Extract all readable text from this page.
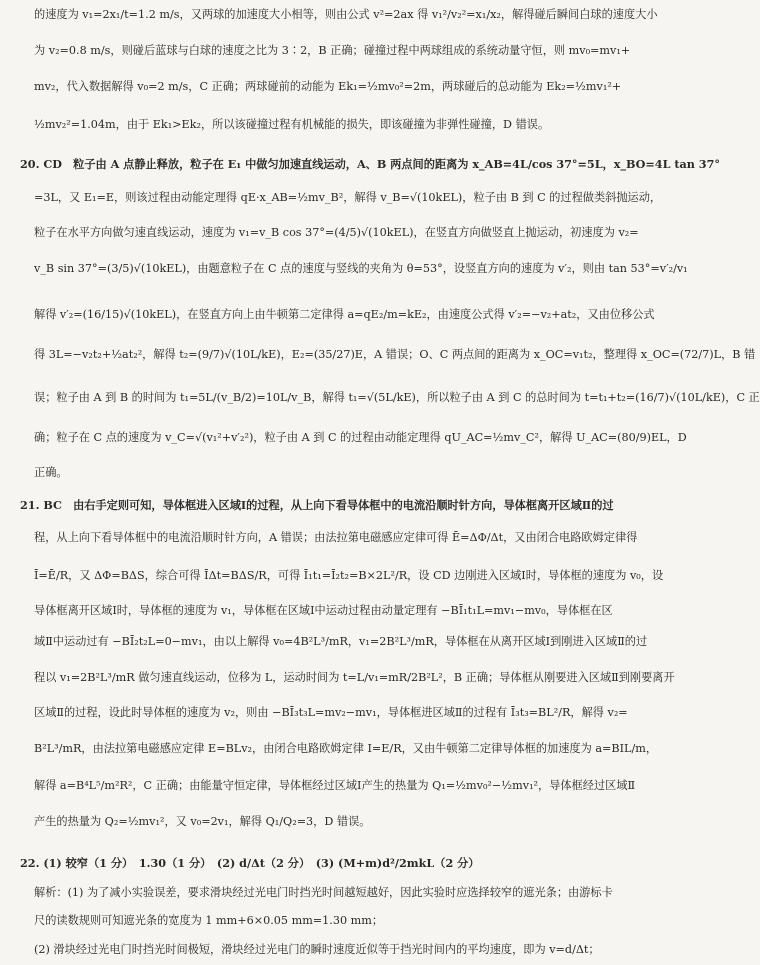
的速度为 v₁=2x₁/t=1.2 m/s，又两球的加速度大小相等，则由公式 v²=2ax 得 v₁²/v₂²=x₁/x₂，解得碰后瞬间白球的速度大小
为 v₂=0.8 m/s，则碰后蓝球与白球的速度之比为 3∶2，B 正确；碰撞过程中两球组成的系统动量守恒，则 mv₀=mv₁+
mv₂，代入数据解得 v₀=2 m/s，C 正确；两球碰前的动能为 Ek₁=½mv₀²=2m，两球碰后的总动能为 Ek₂=½mv₁²+
½mv₂²=1.04m，由于 Ek₁>Ek₂，所以该碰撞过程有机械能的损失，即该碰撞为非弹性碰撞，D 错误。
20. CD　粒子由 A 点静止释放，粒子在 E₁ 中做匀加速直线运动，A、B 两点间的距离为 x_AB=4L/cos 37°=5L，x_BO=4L tan 37°
=3L，又 E₁=E，则该过程由动能定理得 qE·x_AB=½mv_B²，解得 v_B=√(10kEL)，粒子由 B 到 C 的过程做类斜抛运动，
粒子在水平方向做匀速直线运动，速度为 v₁=v_B cos 37°=(4/5)√(10kEL)，在竖直方向做竖直上抛运动，初速度为 v₂=
v_B sin 37°=(3/5)√(10kEL)，由题意粒子在 C 点的速度与竖线的夹角为 θ=53°，设竖直方向的速度为 v′₂，则由 tan 53°=v′₂/v₁
解得 v′₂=(16/15)√(10kEL)，在竖直方向上由牛顿第二定律得 a=qE₂/m=kE₂，由速度公式得 v′₂=−v₂+at₂，又由位移公式
得 3L=−v₂t₂+½at₂²，解得 t₂=(9/7)√(10L/kE)，E₂=(35/27)E，A 错误；O、C 两点间的距离为 x_OC=v₁t₂，整理得 x_OC=(72/7)L，B 错
误；粒子由 A 到 B 的时间为 t₁=5L/(v_B/2)=10L/v_B，解得 t₁=√(5L/kE)，所以粒子由 A 到 C 的总时间为 t=t₁+t₂=(16/7)√(10L/kE)，C 正
确；粒子在 C 点的速度为 v_C=√(v₁²+v′₂²)，粒子由 A 到 C 的过程由动能定理得 qU_AC=½mv_C²，解得 U_AC=(80/9)EL，D
正确。
21. BC　由右手定则可知，导体框进入区域Ⅰ的过程，从上向下看导体框中的电流沿顺时针方向，导体框离开区域Ⅱ的过
程，从上向下看导体框中的电流沿顺时针方向，A 错误；由法拉第电磁感应定律可得 Ē=ΔΦ/Δt，又由闭合电路欧姆定律得
Ī=Ē/R，又 ΔΦ=BΔS，综合可得 ĪΔt=BΔS/R，可得 Ī₁t₁=Ī₂t₂=B×2L²/R，设 CD 边刚进入区域Ⅰ时，导体框的速度为 v₀，设
导体框离开区域Ⅰ时，导体框的速度为 v₁，导体框在区域Ⅰ中运动过程由动量定理有 −BĪ₁t₁L=mv₁−mv₀，导体框在区
域Ⅱ中运动过有 −BĪ₂t₂L=0−mv₁，由以上解得 v₀=4B²L³/mR，v₁=2B²L³/mR，导体框在从离开区域Ⅰ到刚进入区域Ⅱ的过
程以 v₁=2B²L³/mR 做匀速直线运动，位移为 L，运动时间为 t=L/v₁=mR/2B²L²，B 正确；导体框从刚要进入区域Ⅱ到刚要离开
区域Ⅱ的过程，设此时导体框的速度为 v₂，则由 −BĪ₃t₃L=mv₂−mv₁，导体框进区域Ⅱ的过程有 Ī₃t₃=BL²/R，解得 v₂=
B²L³/mR，由法拉第电磁感应定律 E=BLv₂，由闭合电路欧姆定律 I=E/R，又由牛顿第二定律导体框的加速度为 a=BIL/m，
解得 a=B⁴L⁵/m²R²，C 正确；由能量守恒定律，导体框经过区域Ⅰ产生的热量为 Q₁=½mv₀²−½mv₁²，导体框经过区域Ⅱ
产生的热量为 Q₂=½mv₁²，又 v₀=2v₁，解得 Q₁/Q₂=3，D 错误。
22. (1) 较窄（1 分）　1.30（1 分）　(2) d/Δt（2 分）　(3) (M+m)d²/2mkL（2 分）
解析：(1) 为了减小实验误差，要求滑块经过光电门时挡光时间越短越好，因此实验时应选择较窄的遮光条；由游标卡
尺的读数规则可知遮光条的宽度为 1 mm+6×0.05 mm=1.30 mm；
(2) 滑块经过光电门时挡光时间极短，滑块经过光电门的瞬时速度近似等于挡光时间内的平均速度，即为 v=d/Δt；
